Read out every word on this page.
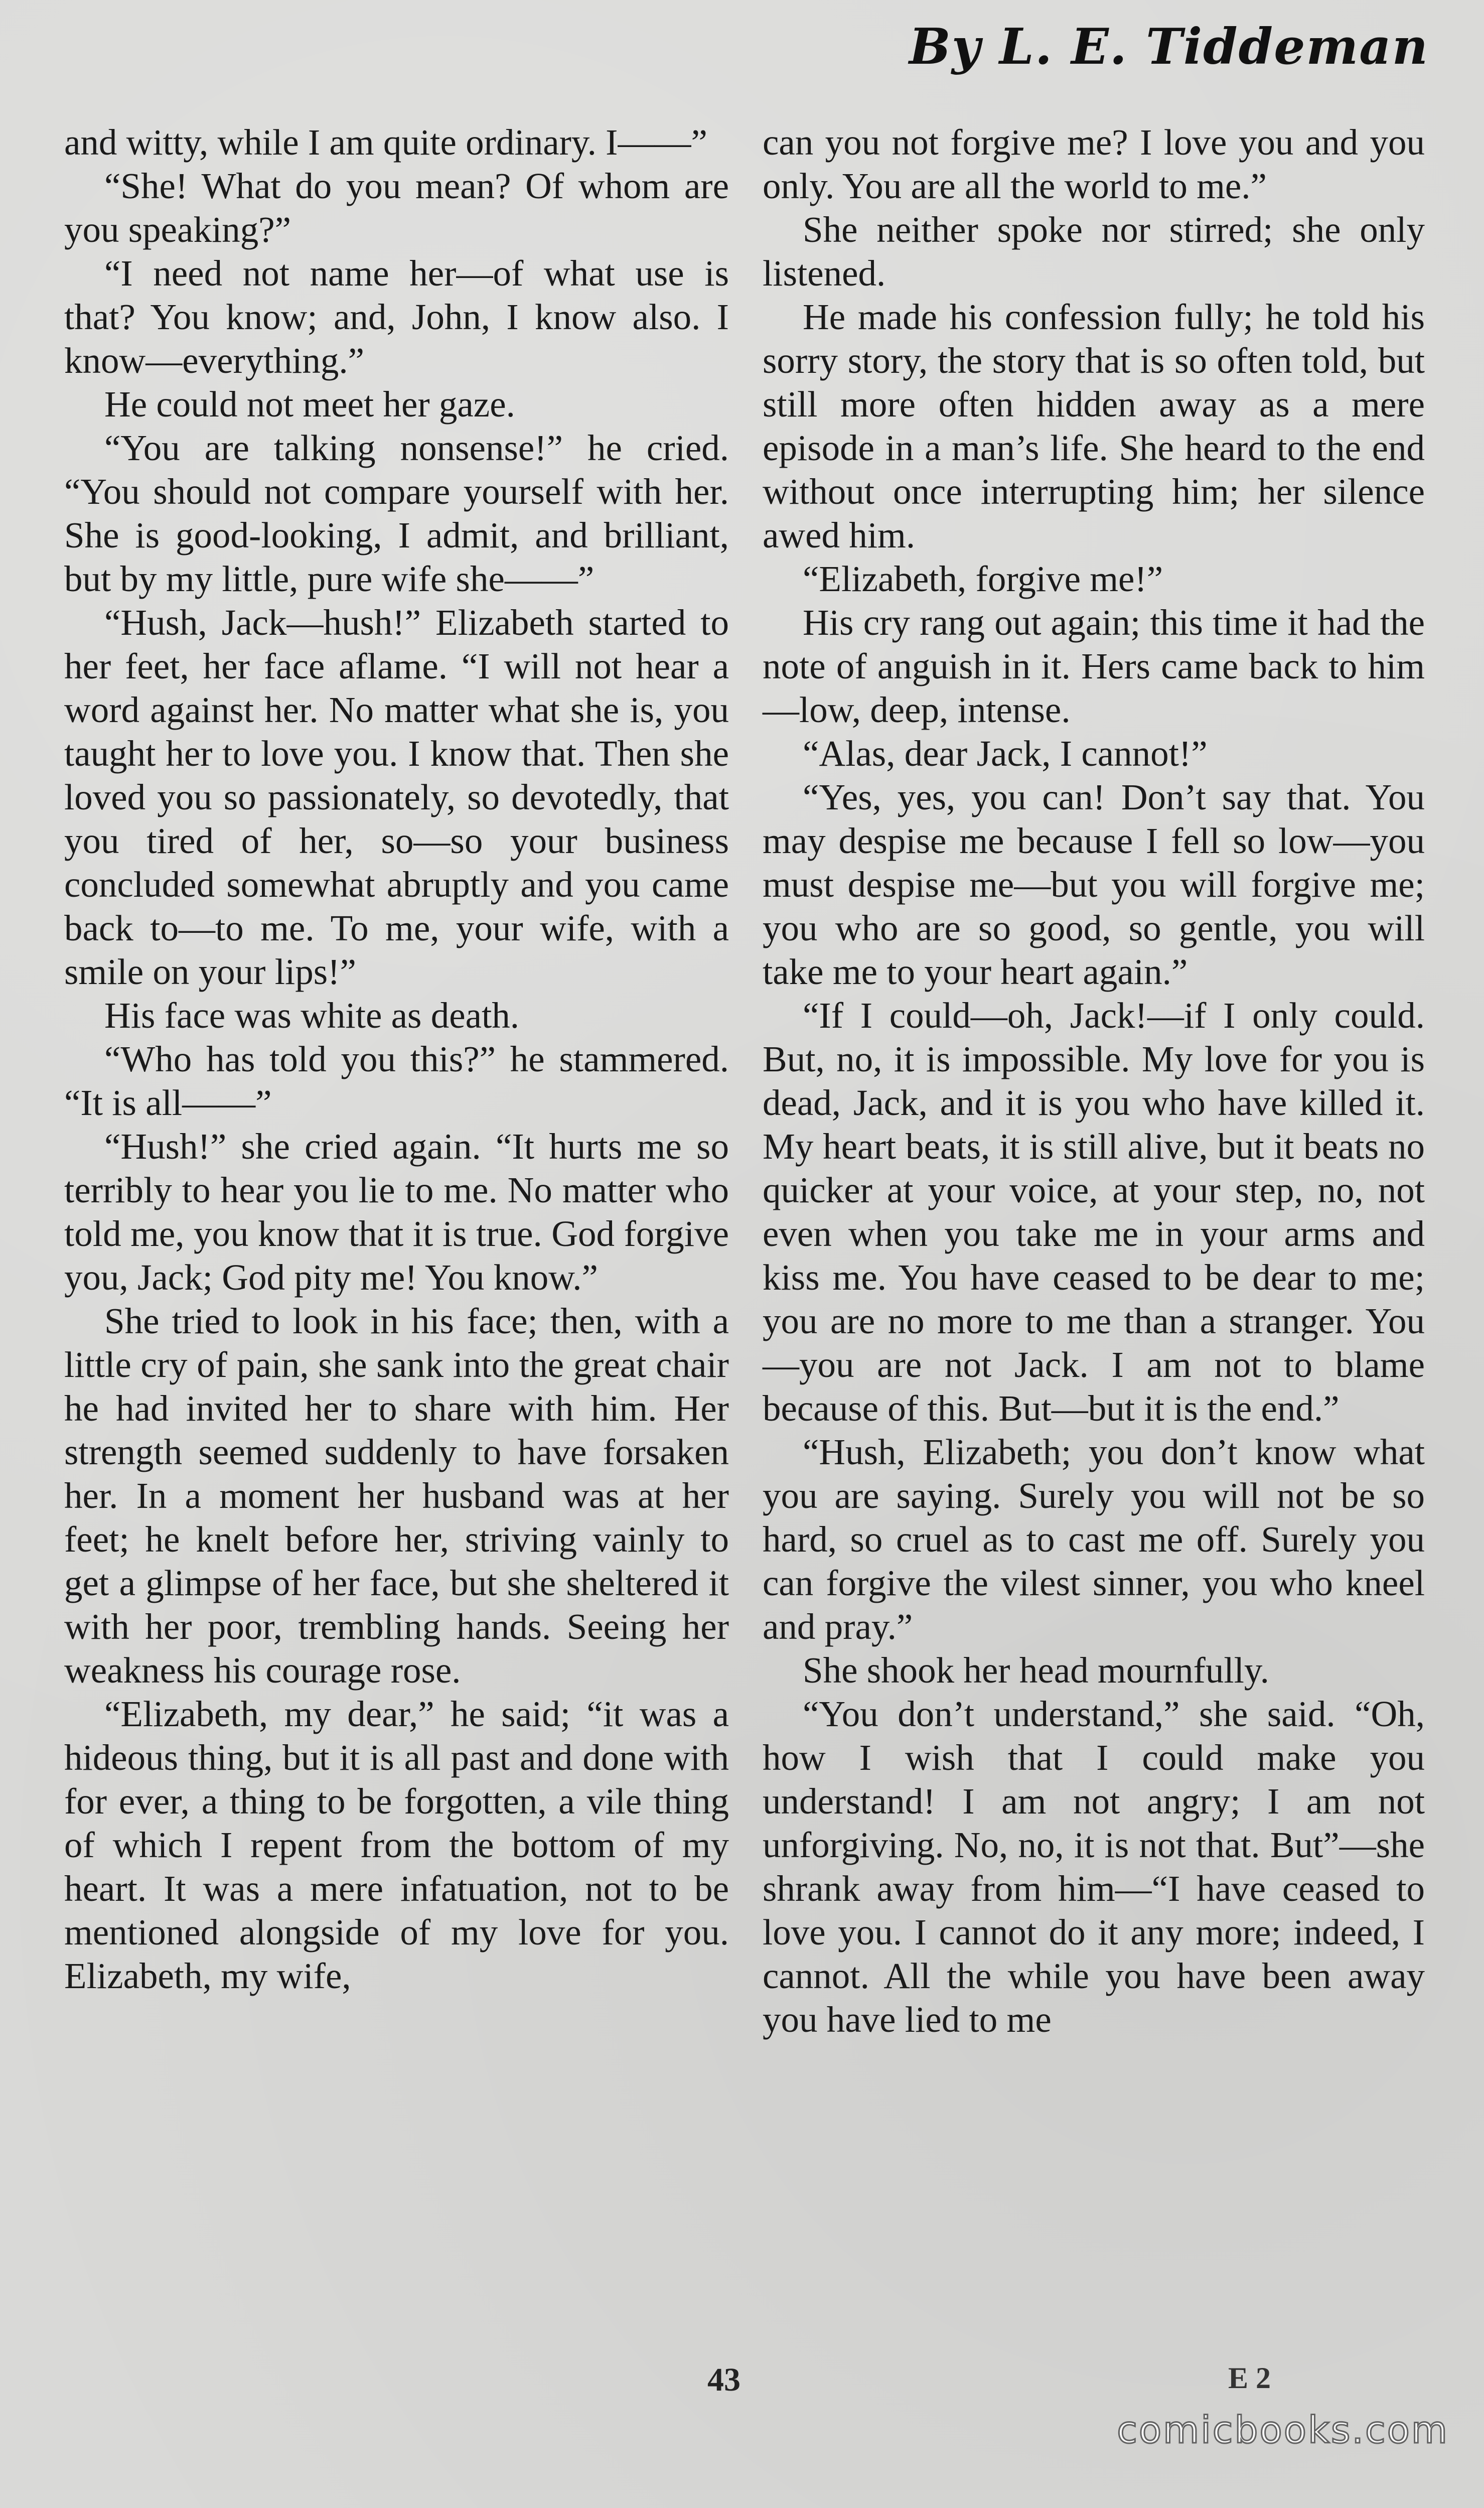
By L. E. Tiddeman

and witty, while I am quite ordinary. I——”

“She! What do you mean? Of whom are you speaking?”

“I need not name her—of what use is that? You know; and, John, I know also. I know—everything.”

He could not meet her gaze.

“You are talking nonsense!” he cried. “You should not compare yourself with her. She is good-looking, I admit, and brilliant, but by my little, pure wife she——”

“Hush, Jack—hush!” Elizabeth started to her feet, her face aflame. “I will not hear a word against her. No matter what she is, you taught her to love you. I know that. Then she loved you so passionately, so devotedly, that you tired of her, so—so your business concluded somewhat abruptly and you came back to—to me. To me, your wife, with a smile on your lips!”

His face was white as death.

“Who has told you this?” he stammered. “It is all——”

“Hush!” she cried again. “It hurts me so terribly to hear you lie to me. No matter who told me, you know that it is true. God forgive you, Jack; God pity me! You know.”

She tried to look in his face; then, with a little cry of pain, she sank into the great chair he had invited her to share with him. Her strength seemed suddenly to have forsaken her. In a moment her husband was at her feet; he knelt before her, striving vainly to get a glimpse of her face, but she sheltered it with her poor, trembling hands. Seeing her weakness his courage rose.

“Elizabeth, my dear,” he said; “it was a hideous thing, but it is all past and done with for ever, a thing to be forgotten, a vile thing of which I repent from the bottom of my heart. It was a mere infatuation, not to be mentioned alongside of my love for you. Elizabeth, my wife,

can you not forgive me? I love you and you only. You are all the world to me.”

She neither spoke nor stirred; she only listened.

He made his confession fully; he told his sorry story, the story that is so often told, but still more often hidden away as a mere episode in a man’s life. She heard to the end without once interrupting him; her silence awed him.

“Elizabeth, forgive me!”

His cry rang out again; this time it had the note of anguish in it. Hers came back to him—low, deep, intense.

“Alas, dear Jack, I cannot!”

“Yes, yes, you can! Don’t say that. You may despise me because I fell so low—you must despise me—but you will forgive me; you who are so good, so gentle, you will take me to your heart again.”

“If I could—oh, Jack!—if I only could. But, no, it is impossible. My love for you is dead, Jack, and it is you who have killed it. My heart beats, it is still alive, but it beats no quicker at your voice, at your step, no, not even when you take me in your arms and kiss me. You have ceased to be dear to me; you are no more to me than a stranger. You—you are not Jack. I am not to blame because of this. But—but it is the end.”

“Hush, Elizabeth; you don’t know what you are saying. Surely you will not be so hard, so cruel as to cast me off. Surely you can forgive the vilest sinner, you who kneel and pray.”

She shook her head mournfully.

“You don’t understand,” she said. “Oh, how I wish that I could make you understand! I am not angry; I am not unforgiving. No, no, it is not that. But”—she shrank away from him—“I have ceased to love you. I cannot do it any more; indeed, I cannot. All the while you have been away you have lied to me

43	E 2
comicbooks.com
